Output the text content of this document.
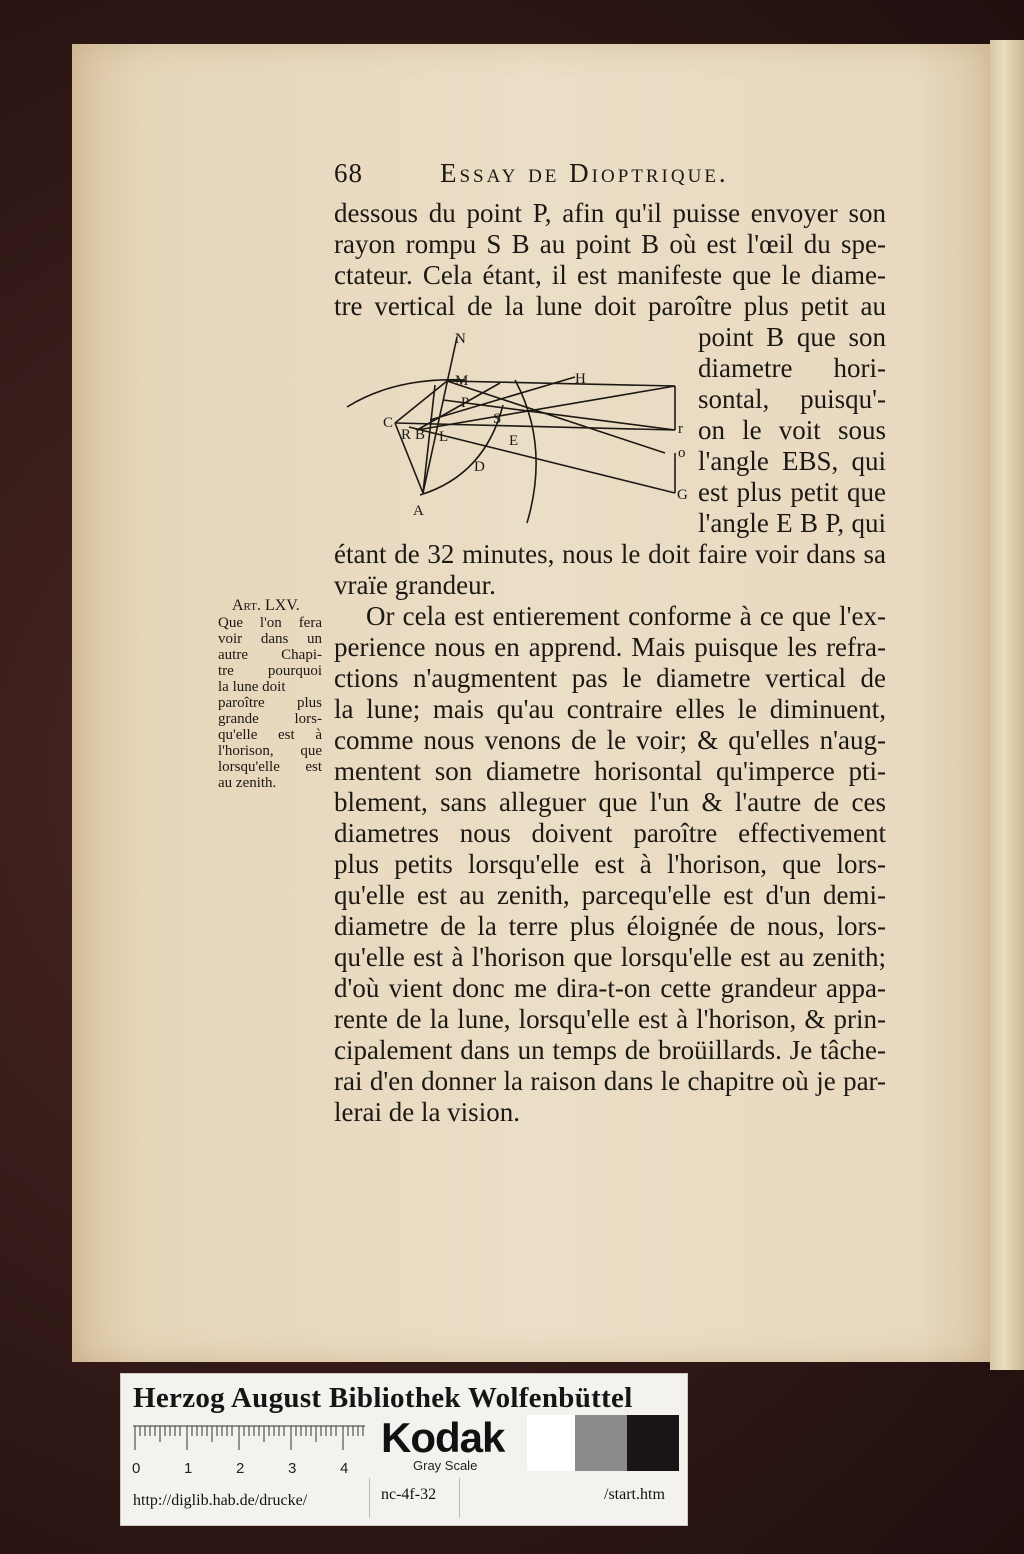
68	Essay de Dioptrique.
dessous du point P, afin qu'il puisse envoyer son
rayon rompu S B au point B où est l'œil du spe-
ctateur. Cela étant, il est manifeste que le diame-
tre vertical de la lune doit paroître plus petit au
point B que son
diametre hori-
sontal, puisqu'-
on le voit sous
l'angle EBS, qui
est plus petit que
l'angle E B P, qui
étant de 32 minutes, nous le doit faire voir dans sa
vraïe grandeur.
Or cela est entierement conforme à ce que l'ex-
perience nous en apprend. Mais puisque les refra-
ctions n'augmentent pas le diametre vertical de
la lune; mais qu'au contraire elles le diminuent,
comme nous venons de le voir; & qu'elles n'aug-
mentent son diametre horisontal qu'imperce pti-
blement, sans alleguer que l'un & l'autre de ces
diametres nous doivent paroître effectivement
plus petits lorsqu'elle est à l'horison, que lors-
qu'elle est au zenith, parcequ'elle est d'un demi-
diametre de la terre plus éloignée de nous, lors-
qu'elle est à l'horison que lorsqu'elle est au zenith;
d'où vient donc me dira-t-on cette grandeur appa-
rente de la lune, lorsqu'elle est à l'horison, & prin-
cipalement dans un temps de broüillards. Je tâche-
rai d'en donner la raison dans le chapitre où je par-
lerai de la vision.
Art. LXV.
Que l'on fera
voir dans un
autre Chapi-
tre pourquoi
la lune doit
paroître plus
grande lors-
qu'elle est à
l'horison, que
lorsqu'elle est
au zenith.
N
M	H
P
C
R B L
S
E
D
A
r
o
G
Herzog August Bibliothek Wolfenbüttel
0	1	2	3	4
Kodak
Gray Scale
http://diglib.hab.de/drucke/	nc-4f-32	/start.htm
